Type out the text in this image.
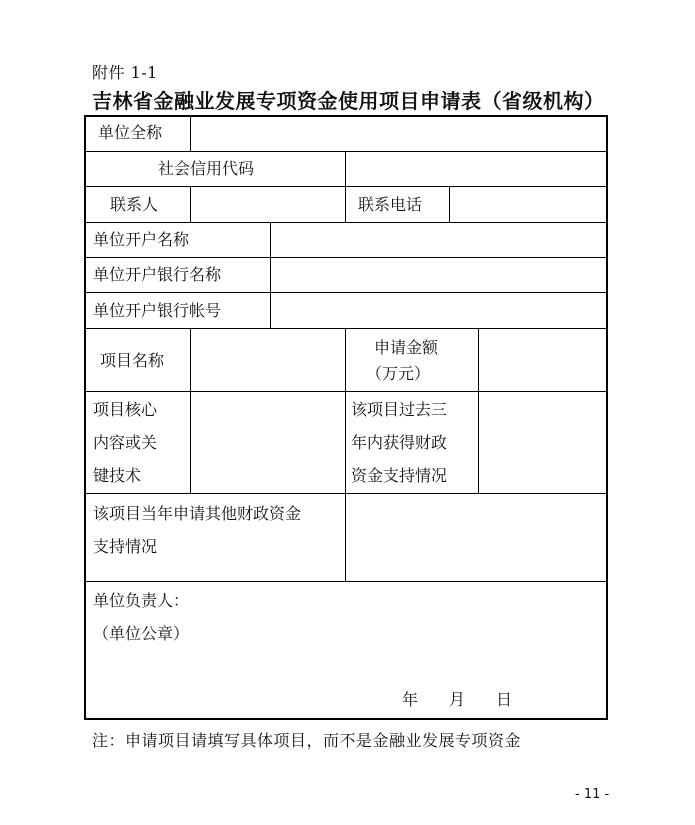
附件 1-1
吉林省金融业发展专项资金使用项目申请表（省级机构）
单位全称
社会信用代码
联系人	联系电话
单位开户名称
单位开户银行名称
单位开户银行帐号
项目名称
申请金额
（万元）
项目核心
内容或关
键技术
该项目过去三
年内获得财政
资金支持情况
该项目当年申请其他财政资金
支持情况
单位负责人：
（单位公章）
年 月 日
注：申请项目请填写具体项目，而不是金融业发展专项资金
- 11 -
